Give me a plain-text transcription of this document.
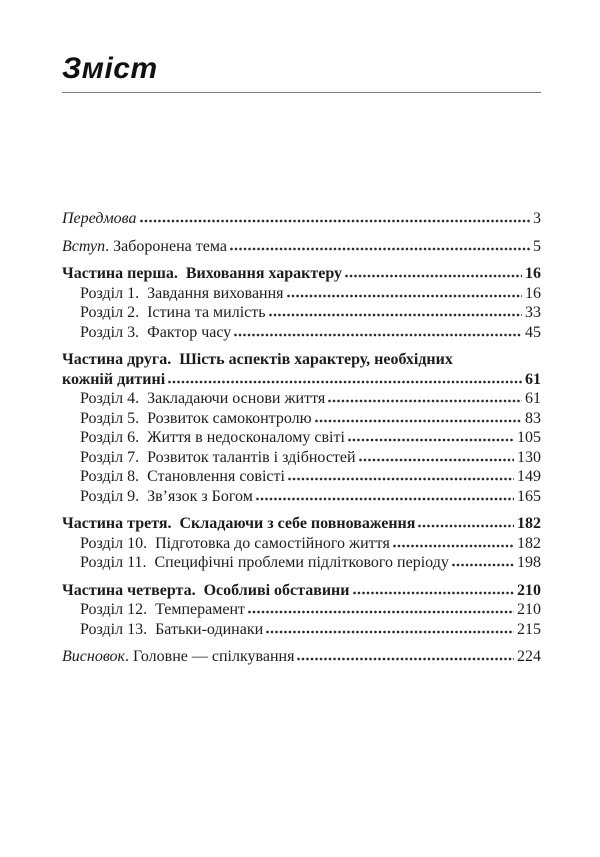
Зміст
Передмова	3
Вступ . Заборонена тема	5
Частина перша.  Виховання характеру	16
Розділ 1.  Завдання виховання	16
Розділ 2.  Істина та милість	33
Розділ 3.  Фактор часу	45
Частина друга.  Шість аспектів характеру, необхідних
кожній дитині	61
Розділ 4.  Закладаючи основи життя	61
Розділ 5.  Розвиток самоконтролю	83
Розділ 6.  Життя в недосконалому світі	105
Розділ 7.  Розвиток талантів і здібностей	130
Розділ 8.  Становлення совісті	149
Розділ 9.  Зв’язок з Богом	165
Частина третя.  Складаючи з себе повноваження	182
Розділ 10.  Підготовка до самостійного життя	182
Розділ 11.  Специфічні проблеми підліткового періоду	198
Частина четверта.  Особливі обставини	210
Розділ 12.  Темперамент	210
Розділ 13.  Батьки-одинаки	215
Висновок . Головне — спілкування	224
